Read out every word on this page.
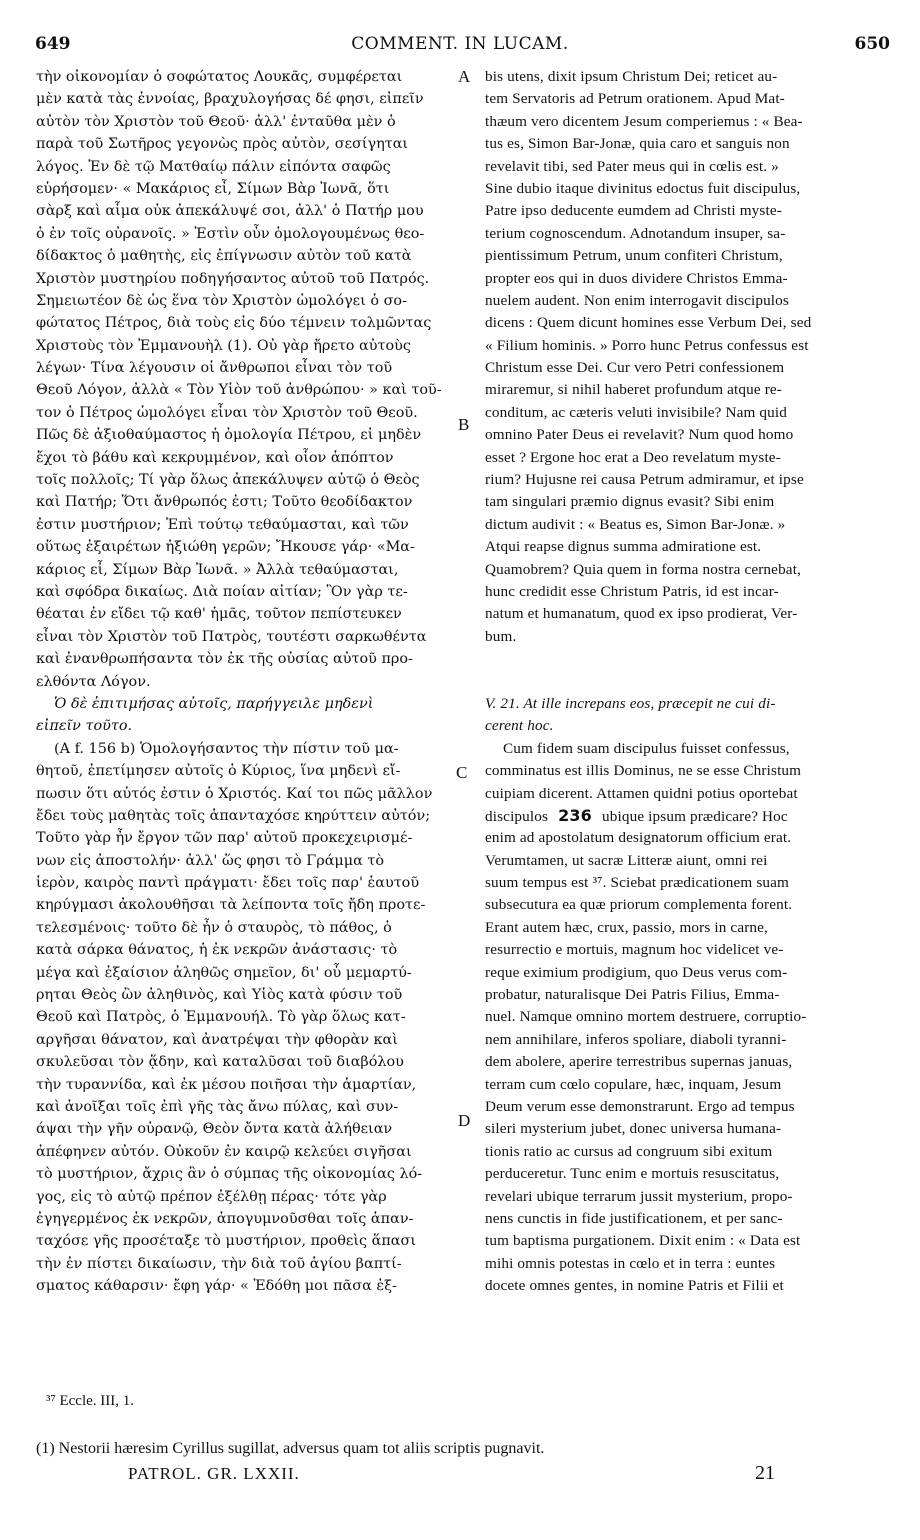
649	COMMENT. IN LUCAM.	650
τὴν οἰκονομίαν ὁ σοφώτατος Λουκᾶς, συμφέρεται
μὲν κατὰ τὰς ἐννοίας, βραχυλογήσας δέ φησι, εἰπεῖν
αὐτὸν τὸν Χριστὸν τοῦ Θεοῦ· ἀλλ' ἐνταῦθα μὲν ὁ
παρὰ τοῦ Σωτῆρος γεγονὼς πρὸς αὐτὸν, σεσίγηται
λόγος. Ἐν δὲ τῷ Ματθαίῳ πάλιν εἰπόντα σαφῶς
εὑρήσομεν· « Μακάριος εἶ, Σίμων Βὰρ Ἰωνᾶ, ὅτι
σὰρξ καὶ αἷμα οὐκ ἀπεκάλυψέ σοι, ἀλλ' ὁ Πατήρ μου
ὁ ἐν τοῖς οὐρανοῖς. » Ἐστὶν οὖν ὁμολογουμένως θεο-
δίδακτος ὁ μαθητὴς, εἰς ἐπίγνωσιν αὐτὸν τοῦ κατὰ
Χριστὸν μυστηρίου ποδηγήσαντος αὐτοῦ τοῦ Πατρός.
Σημειωτέον δὲ ὡς ἕνα τὸν Χριστὸν ὡμολόγει ὁ σο-
φώτατος Πέτρος, διὰ τοὺς εἰς δύο τέμνειν τολμῶντας
Χριστοὺς τὸν Ἐμμανουὴλ (1). Οὐ γὰρ ἤρετο αὐτοὺς
λέγων· Τίνα λέγουσιν οἱ ἄνθρωποι εἶναι τὸν τοῦ
Θεοῦ Λόγον, ἀλλὰ « Τὸν Υἱὸν τοῦ ἀνθρώπου· » καὶ τοῦ-
τον ὁ Πέτρος ὡμολόγει εἶναι τὸν Χριστὸν τοῦ Θεοῦ.
Πῶς δὲ ἀξιοθαύμαστος ἡ ὁμολογία Πέτρου, εἰ μηδὲν
ἔχοι τὸ βάθυ καὶ κεκρυμμένον, καὶ οἷον ἀπόπτον
τοῖς πολλοῖς; Τί γὰρ ὅλως ἀπεκάλυψεν αὐτῷ ὁ Θεὸς
καὶ Πατήρ; Ὅτι ἄνθρωπός ἐστι; Τοῦτο θεοδίδακτον
ἐστιν μυστήριον; Ἐπὶ τούτῳ τεθαύμασται, καὶ τῶν
οὕτως ἐξαιρέτων ἠξιώθη γερῶν; Ἤκουσε γάρ· «Μα-
κάριος εἶ, Σίμων Βὰρ Ἰωνᾶ. » Ἀλλὰ τεθαύμασται,
καὶ σφόδρα δικαίως. Διὰ ποίαν αἰτίαν; Ὃν γὰρ τε-
θέαται ἐν εἴδει τῷ καθ' ἡμᾶς, τοῦτον πεπίστευκεν
εἶναι τὸν Χριστὸν τοῦ Πατρὸς, τουτέστι σαρκωθέντα
καὶ ἐνανθρωπήσαντα τὸν ἐκ τῆς οὐσίας αὐτοῦ προ-
ελθόντα Λόγον.
Ὁ δὲ ἐπιτιμήσας αὐτοῖς, παρήγγειλε μηδενὶ
εἰπεῖν τοῦτο.
(A f. 156 b) Ὁμολογήσαντος τὴν πίστιν τοῦ μα-
θητοῦ, ἐπετίμησεν αὐτοῖς ὁ Κύριος, ἵνα μηδενὶ εἴ-
πωσιν ὅτι αὐτός ἐστιν ὁ Χριστός. Καί τοι πῶς μᾶλλον
ἔδει τοὺς μαθητὰς τοῖς ἁπανταχόσε κηρύττειν αὐτόν;
Τοῦτο γὰρ ἦν ἔργον τῶν παρ' αὐτοῦ προκεχειρισμέ-
νων εἰς ἀποστολήν· ἀλλ' ὥς φησι τὸ Γράμμα τὸ
ἱερὸν, καιρὸς παντὶ πράγματι· ἔδει τοῖς παρ' ἑαυτοῦ
κηρύγμασι ἀκολουθῆσαι τὰ λείποντα τοῖς ἤδη προτε-
τελεσμένοις· τοῦτο δὲ ἦν ὁ σταυρὸς, τὸ πάθος, ὁ
κατὰ σάρκα θάνατος, ἡ ἐκ νεκρῶν ἀνάστασις· τὸ
μέγα καὶ ἐξαίσιον ἀληθῶς σημεῖον, δι' οὗ μεμαρτύ-
ρηται Θεὸς ὢν ἀληθινὸς, καὶ Υἱὸς κατὰ φύσιν τοῦ
Θεοῦ καὶ Πατρὸς, ὁ Ἐμμανουήλ. Τὸ γὰρ ὅλως κατ-
αργῆσαι θάνατον, καὶ ἀνατρέψαι τὴν φθορὰν καὶ
σκυλεῦσαι τὸν ᾅδην, καὶ καταλῦσαι τοῦ διαβόλου
τὴν τυραννίδα, καὶ ἐκ μέσου ποιῆσαι τὴν ἁμαρτίαν,
καὶ ἀνοῖξαι τοῖς ἐπὶ γῆς τὰς ἄνω πύλας, καὶ συν-
άψαι τὴν γῆν οὐρανῷ, Θεὸν ὄντα κατὰ ἀλήθειαν
ἀπέφηνεν αὐτόν. Οὐκοῦν ἐν καιρῷ κελεύει σιγῆσαι
τὸ μυστήριον, ἄχρις ἂν ὁ σύμπας τῆς οἰκονομίας λό-
γος, εἰς τὸ αὐτῷ πρέπον ἐξέλθῃ πέρας· τότε γὰρ
ἐγηγερμένος ἐκ νεκρῶν, ἀπογυμνοῦσθαι τοῖς ἁπαν-
ταχόσε γῆς προσέταξε τὸ μυστήριον, προθεὶς ἅπασι
τὴν ἐν πίστει δικαίωσιν, τὴν διὰ τοῦ ἁγίου βαπτί-
σματος κάθαρσιν· ἔφη γάρ· « Ἐδόθη μοι πᾶσα ἐξ-
bis utens, dixit ipsum Christum Dei; reticet au-
tem Servatoris ad Petrum orationem. Apud Mat-
thæum vero dicentem Jesum comperiemus : « Bea-
tus es, Simon Bar-Jonæ, quia caro et sanguis non
revelavit tibi, sed Pater meus qui in cœlis est. »
Sine dubio itaque divinitus edoctus fuit discipulus,
Patre ipso deducente eumdem ad Christi myste-
terium cognoscendum. Adnotandum insuper, sa-
pientissimum Petrum, unum confiteri Christum,
propter eos qui in duos dividere Christos Emma-
nuelem audent. Non enim interrogavit discipulos
dicens : Quem dicunt homines esse Verbum Dei, sed
« Filium hominis. » Porro hunc Petrus confessus est
Christum esse Dei. Cur vero Petri confessionem
miraremur, si nihil haberet profundum atque re-
conditum, ac cæteris veluti invisibile? Nam quid
omnino Pater Deus ei revelavit? Num quod homo
esset ? Ergone hoc erat a Deo revelatum myste-
rium? Hujusne rei causa Petrum admiramur, et ipse
tam singulari præmio dignus evasit? Sibi enim
dictum audivit : « Beatus es, Simon Bar-Jonæ. »
Atqui reapse dignus summa admiratione est.
Quamobrem? Quia quem in forma nostra cernebat,
hunc credidit esse Christum Patris, id est incar-
natum et humanatum, quod ex ipso prodierat, Ver-
bum.
V. 21. At ille increpans eos, præcepit ne cui di-
cerent hoc.
Cum fidem suam discipulus fuisset confessus,
comminatus est illis Dominus, ne se esse Christum
cuipiam dicerent. Attamen quidni potius oportebat
discipulos 236 ubique ipsum prædicare? Hoc
enim ad apostolatum designatorum officium erat.
Verumtamen, ut sacræ Litteræ aiunt, omni rei
suum tempus est ³⁷. Sciebat prædicationem suam
subsecutura ea quæ priorum complementa forent.
Erant autem hæc, crux, passio, mors in carne,
resurrectio e mortuis, magnum hoc videlicet ve-
reque eximium prodigium, quo Deus verus com-
probatur, naturalisque Dei Patris Filius, Emma-
nuel. Namque omnino mortem destruere, corruptio-
nem annihilare, inferos spoliare, diaboli tyranni-
dem abolere, aperire terrestribus supernas januas,
terram cum cœlo copulare, hæc, inquam, Jesum
Deum verum esse demonstrarunt. Ergo ad tempus
sileri mysterium jubet, donec universa humana-
tionis ratio ac cursus ad congruum sibi exitum
perduceretur. Tunc enim e mortuis resuscitatus,
revelari ubique terrarum jussit mysterium, propo-
nens cunctis in fide justificationem, et per sanc-
tum baptisma purgationem. Dixit enim : « Data est
mihi omnis potestas in cœlo et in terra : euntes
docete omnes gentes, in nomine Patris et Filii et
A
B
C
D
³⁷ Eccle. III, 1.
(1) Nestorii hæresim Cyrillus sugillat, adversus quam tot aliis scriptis pugnavit.
PATROL. GR. LXXII.	21
